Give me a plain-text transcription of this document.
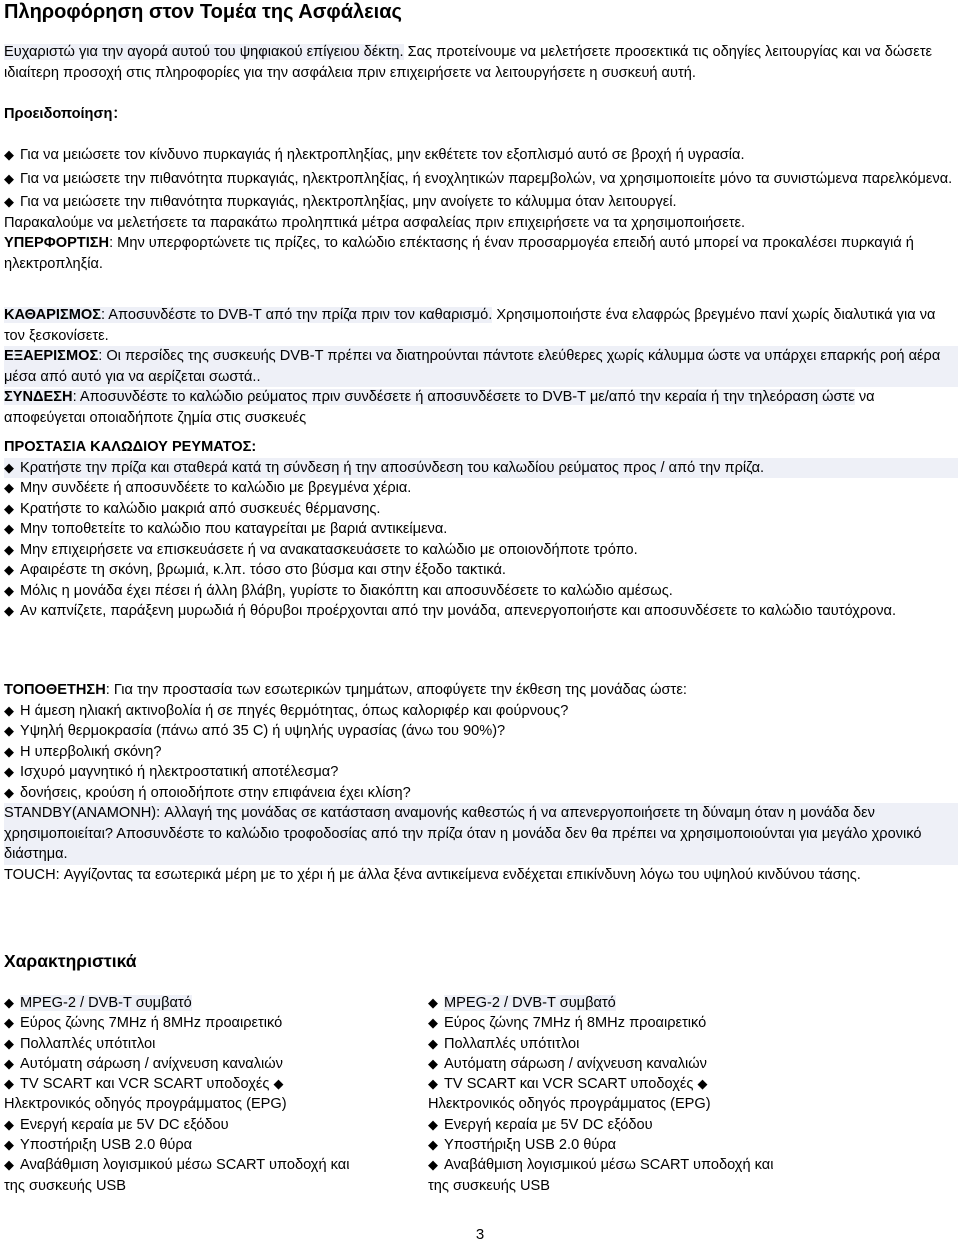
Πληροφόρηση στον Τομέα της Ασφάλειας
Ευχαριστώ για την αγορά αυτού του ψηφιακού επίγειου δέκτη. Σας προτείνουμε να μελετήσετε προσεκτικά τις οδηγίες λειτουργίας και να δώσετε ιδιαίτερη προσοχή στις πληροφορίες για την ασφάλεια πριν επιχειρήσετε να λειτουργήσετε η συσκευή αυτή.
Προειδοποίηση：

◆ Για να μειώσετε τον κίνδυνο πυρκαγιάς ή ηλεκτροπληξίας, μην εκθέτετε τον εξοπλισμό αυτό σε βροχή ή υγρασία.

◆ Για να μειώσετε την πιθανότητα πυρκαγιάς, ηλεκτροπληξίας, ή ενοχλητικών παρεμβολών, να χρησιμοποιείτε μόνο τα συνιστώμενα παρελκόμενα.

◆ Για να μειώσετε την πιθανότητα πυρκαγιάς, ηλεκτροπληξίας, μην ανοίγετε το κάλυμμα όταν λειτουργεί.

Παρακαλούμε να μελετήσετε τα παρακάτω προληπτικά μέτρα ασφαλείας πριν επιχειρήσετε να τα χρησιμοποιήσετε.

ΥΠΕΡΦΟΡΤΙΣΗ: Μην υπερφορτώνετε τις πρίζες, το καλώδιο επέκτασης ή έναν προσαρμογέα επειδή αυτό μπορεί να προκαλέσει πυρκαγιά ή ηλεκτροπληξία.

ΚΑΘΑΡΙΣΜΟΣ: Αποσυνδέστε το DVB-T από την πρίζα πριν τον καθαρισμό. Χρησιμοποιήστε ένα ελαφρώς βρεγμένο πανί χωρίς διαλυτικά για να τον ξεσκονίσετε.

ΕΞΑΕΡΙΣΜΟΣ: Οι περσίδες της συσκευής DVB-T πρέπει να διατηρούνται πάντοτε ελεύθερες χωρίς κάλυμμα ώστε να υπάρχει επαρκής ροή αέρα μέσα από αυτό για να αερίζεται σωστά..

ΣΥΝΔΕΣΗ: Αποσυνδέστε το καλώδιο ρεύματος πριν συνδέσετε ή αποσυνδέσετε το DVB-T με/από την κεραία ή την τηλεόραση ώστε να αποφεύγεται οποιαδήποτε ζημία στις συσκευές

ΠΡΟΣΤΑΣΙΑ ΚΑΛΩΔΙΟΥ ΡΕΥΜΑΤΟΣ:

◆ Κρατήστε την πρίζα και σταθερά κατά τη σύνδεση ή την αποσύνδεση του καλωδίου ρεύματος προς / από την πρίζα.

◆ Μην συνδέετε ή αποσυνδέετε το καλώδιο με βρεγμένα χέρια.

◆ Κρατήστε το καλώδιο μακριά από συσκευές θέρμανσης.

◆ Μην τοποθετείτε το καλώδιο που καταγρείται με βαριά αντικείμενα.

◆ Μην επιχειρήσετε να επισκευάσετε ή να ανακατασκευάσετε το καλώδιο με οποιονδήποτε τρόπο.

◆ Αφαιρέστε τη σκόνη, βρωμιά, κ.λπ. τόσο στο βύσμα και στην έξοδο τακτικά.

◆ Μόλις η μονάδα έχει πέσει ή άλλη βλάβη, γυρίστε το διακόπτη και αποσυνδέσετε το καλώδιο αμέσως.

◆ Αν καπνίζετε, παράξενη μυρωδιά ή θόρυβοι προέρχονται από την μονάδα, απενεργοποιήστε και αποσυνδέσετε το καλώδιο ταυτόχρονα.

ΤΟΠΟΘΕΤΗΣΗ: Για την προστασία των εσωτερικών τμημάτων, αποφύγετε την έκθεση της μονάδας ώστε:

◆ Η άμεση ηλιακή ακτινοβολία ή σε πηγές θερμότητας, όπως καλοριφέρ και φούρνους?

◆ Υψηλή θερμοκρασία (πάνω από 35 C) ή υψηλής υγρασίας (άνω του 90%)?

◆ Η υπερβολική σκόνη?

◆ Ισχυρό μαγνητικό ή ηλεκτροστατική αποτέλεσμα?

◆ δονήσεις, κρούση ή οποιοδήποτε στην επιφάνεια έχει κλίση?

STANDBY(ΑΝΑΜΟΝΗ): Αλλαγή της μονάδας σε κατάσταση αναμονής καθεστώς ή να απενεργοποιήσετε τη δύναμη όταν η μονάδα δεν χρησιμοποιείται? Αποσυνδέστε το καλώδιο τροφοδοσίας από την πρίζα όταν η μονάδα δεν θα πρέπει να χρησιμοποιούνται για μεγάλο χρονικό διάστημα.

TOUCH: Αγγίζοντας τα εσωτερικά μέρη με το χέρι ή με άλλα ξένα αντικείμενα ενδέχεται επικίνδυνη λόγω του υψηλού κινδύνου τάσης.

Χαρακτηριστικά

◆ MPEG-2 / DVB-T συμβατό

◆ Εύρος ζώνης 7MHz ή 8MHz προαιρετικό

◆ Πολλαπλές υπότιτλοι

◆ Αυτόματη σάρωση / ανίχνευση καναλιών

◆ TV SCART και VCR SCART υποδοχές ◆
Ηλεκτρονικός οδηγός προγράμματος (EPG)

◆ Ενεργή κεραία με 5V DC εξόδου

◆ Υποστήριξη USB 2.0 θύρα

◆ Αναβάθμιση λογισμικού μέσω SCART υποδοχή και της συσκευής USB

◆ MPEG-2 / DVB-T συμβατό

◆ Εύρος ζώνης 7MHz ή 8MHz προαιρετικό

◆ Πολλαπλές υπότιτλοι

◆ Αυτόματη σάρωση / ανίχνευση καναλιών

◆ TV SCART και VCR SCART υποδοχές ◆
Ηλεκτρονικός οδηγός προγράμματος (EPG)

◆ Ενεργή κεραία με 5V DC εξόδου

◆ Υποστήριξη USB 2.0 θύρα

◆ Αναβάθμιση λογισμικού μέσω SCART υποδοχή και της συσκευής USB

3
